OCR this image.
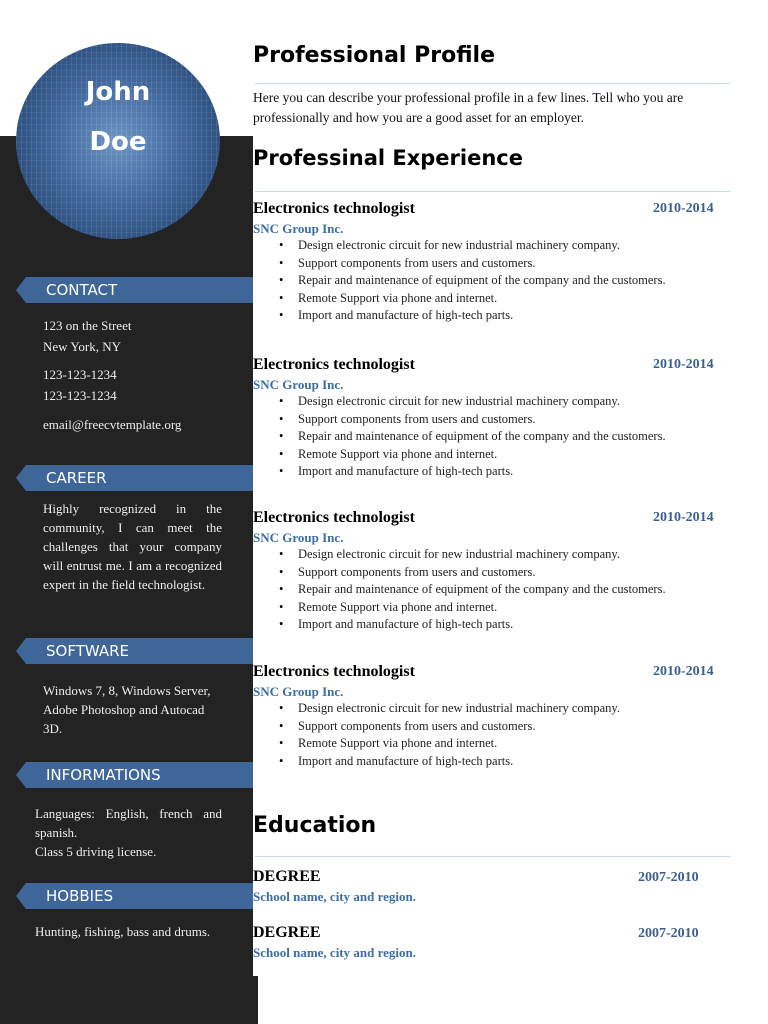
John
Doe
CONTACT
123 on the Street
New York, NY
123-123-1234
123-123-1234
email@freecvtemplate.org
CAREER
Highly recognized in the community, I can meet the challenges that your company will entrust me. I am a recognized expert in the field technologist.
SOFTWARE
Windows 7, 8, Windows Server, Adobe Photoshop and Autocad 3D.
INFORMATIONS
Languages: English, french and spanish.
Class 5 driving license.
HOBBIES
Hunting, fishing, bass and drums.
Professional Profile
Here you can describe your professional profile in a few lines. Tell who you are professionally and how you are a good asset for an employer.
Professinal Experience
Electronics technologist	2010-2014
SNC Group Inc.
• Design electronic circuit for new industrial machinery company.
• Support components from users and customers.
• Repair and maintenance of equipment of the company and the customers.
• Remote Support via phone and internet.
• Import and manufacture of high-tech parts.
Electronics technologist	2010-2014
SNC Group Inc.
• Design electronic circuit for new industrial machinery company.
• Support components from users and customers.
• Repair and maintenance of equipment of the company and the customers.
• Remote Support via phone and internet.
• Import and manufacture of high-tech parts.
Electronics technologist	2010-2014
SNC Group Inc.
• Design electronic circuit for new industrial machinery company.
• Support components from users and customers.
• Repair and maintenance of equipment of the company and the customers.
• Remote Support via phone and internet.
• Import and manufacture of high-tech parts.
Electronics technologist	2010-2014
SNC Group Inc.
• Design electronic circuit for new industrial machinery company.
• Support components from users and customers.
• Remote Support via phone and internet.
• Import and manufacture of high-tech parts.
Education
DEGREE	2007-2010
School name, city and region.
DEGREE	2007-2010
School name, city and region.
